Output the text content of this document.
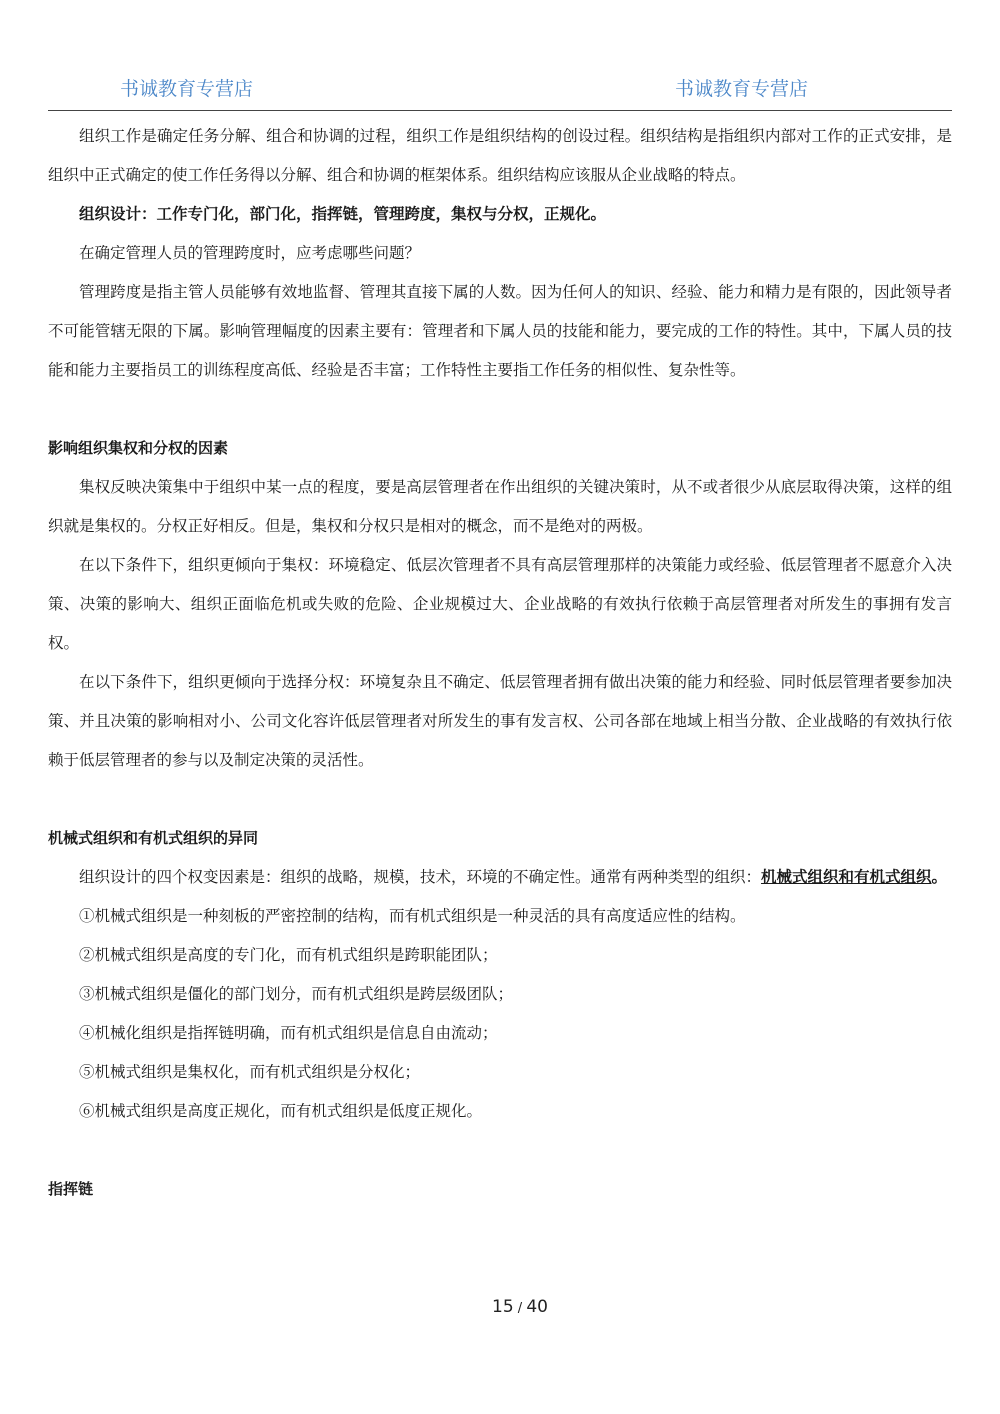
书诚教育专营店	书诚教育专营店

组织工作是确定任务分解、组合和协调的过程，组织工作是组织结构的创设过程。组织结构是指组织内部对工作的正式安排，是组织中正式确定的使工作任务得以分解、组合和协调的框架体系。组织结构应该服从企业战略的特点。

组织设计：工作专门化，部门化，指挥链，管理跨度，集权与分权，正规化。

在确定管理人员的管理跨度时，应考虑哪些问题？

管理跨度是指主管人员能够有效地监督、管理其直接下属的人数。因为任何人的知识、经验、能力和精力是有限的，因此领导者不可能管辖无限的下属。影响管理幅度的因素主要有：管理者和下属人员的技能和能力，要完成的工作的特性。其中，下属人员的技能和能力主要指员工的训练程度高低、经验是否丰富；工作特性主要指工作任务的相似性、复杂性等。

影响组织集权和分权的因素

集权反映决策集中于组织中某一点的程度，要是高层管理者在作出组织的关键决策时，从不或者很少从底层取得决策，这样的组织就是集权的。分权正好相反。但是，集权和分权只是相对的概念，而不是绝对的两极。

在以下条件下，组织更倾向于集权：环境稳定、低层次管理者不具有高层管理那样的决策能力或经验、低层管理者不愿意介入决策、决策的影响大、组织正面临危机或失败的危险、企业规模过大、企业战略的有效执行依赖于高层管理者对所发生的事拥有发言权。

在以下条件下，组织更倾向于选择分权：环境复杂且不确定、低层管理者拥有做出决策的能力和经验、同时低层管理者要参加决策、并且决策的影响相对小、公司文化容许低层管理者对所发生的事有发言权、公司各部在地域上相当分散、企业战略的有效执行依赖于低层管理者的参与以及制定决策的灵活性。

机械式组织和有机式组织的异同

组织设计的四个权变因素是：组织的战略，规模，技术，环境的不确定性。通常有两种类型的组织：机械式组织和有机式组织。

①机械式组织是一种刻板的严密控制的结构，而有机式组织是一种灵活的具有高度适应性的结构。

②机械式组织是高度的专门化，而有机式组织是跨职能团队；

③机械式组织是僵化的部门划分，而有机式组织是跨层级团队；

④机械化组织是指挥链明确，而有机式组织是信息自由流动；

⑤机械式组织是集权化，而有机式组织是分权化；

⑥机械式组织是高度正规化，而有机式组织是低度正规化。

指挥链

15 / 40
